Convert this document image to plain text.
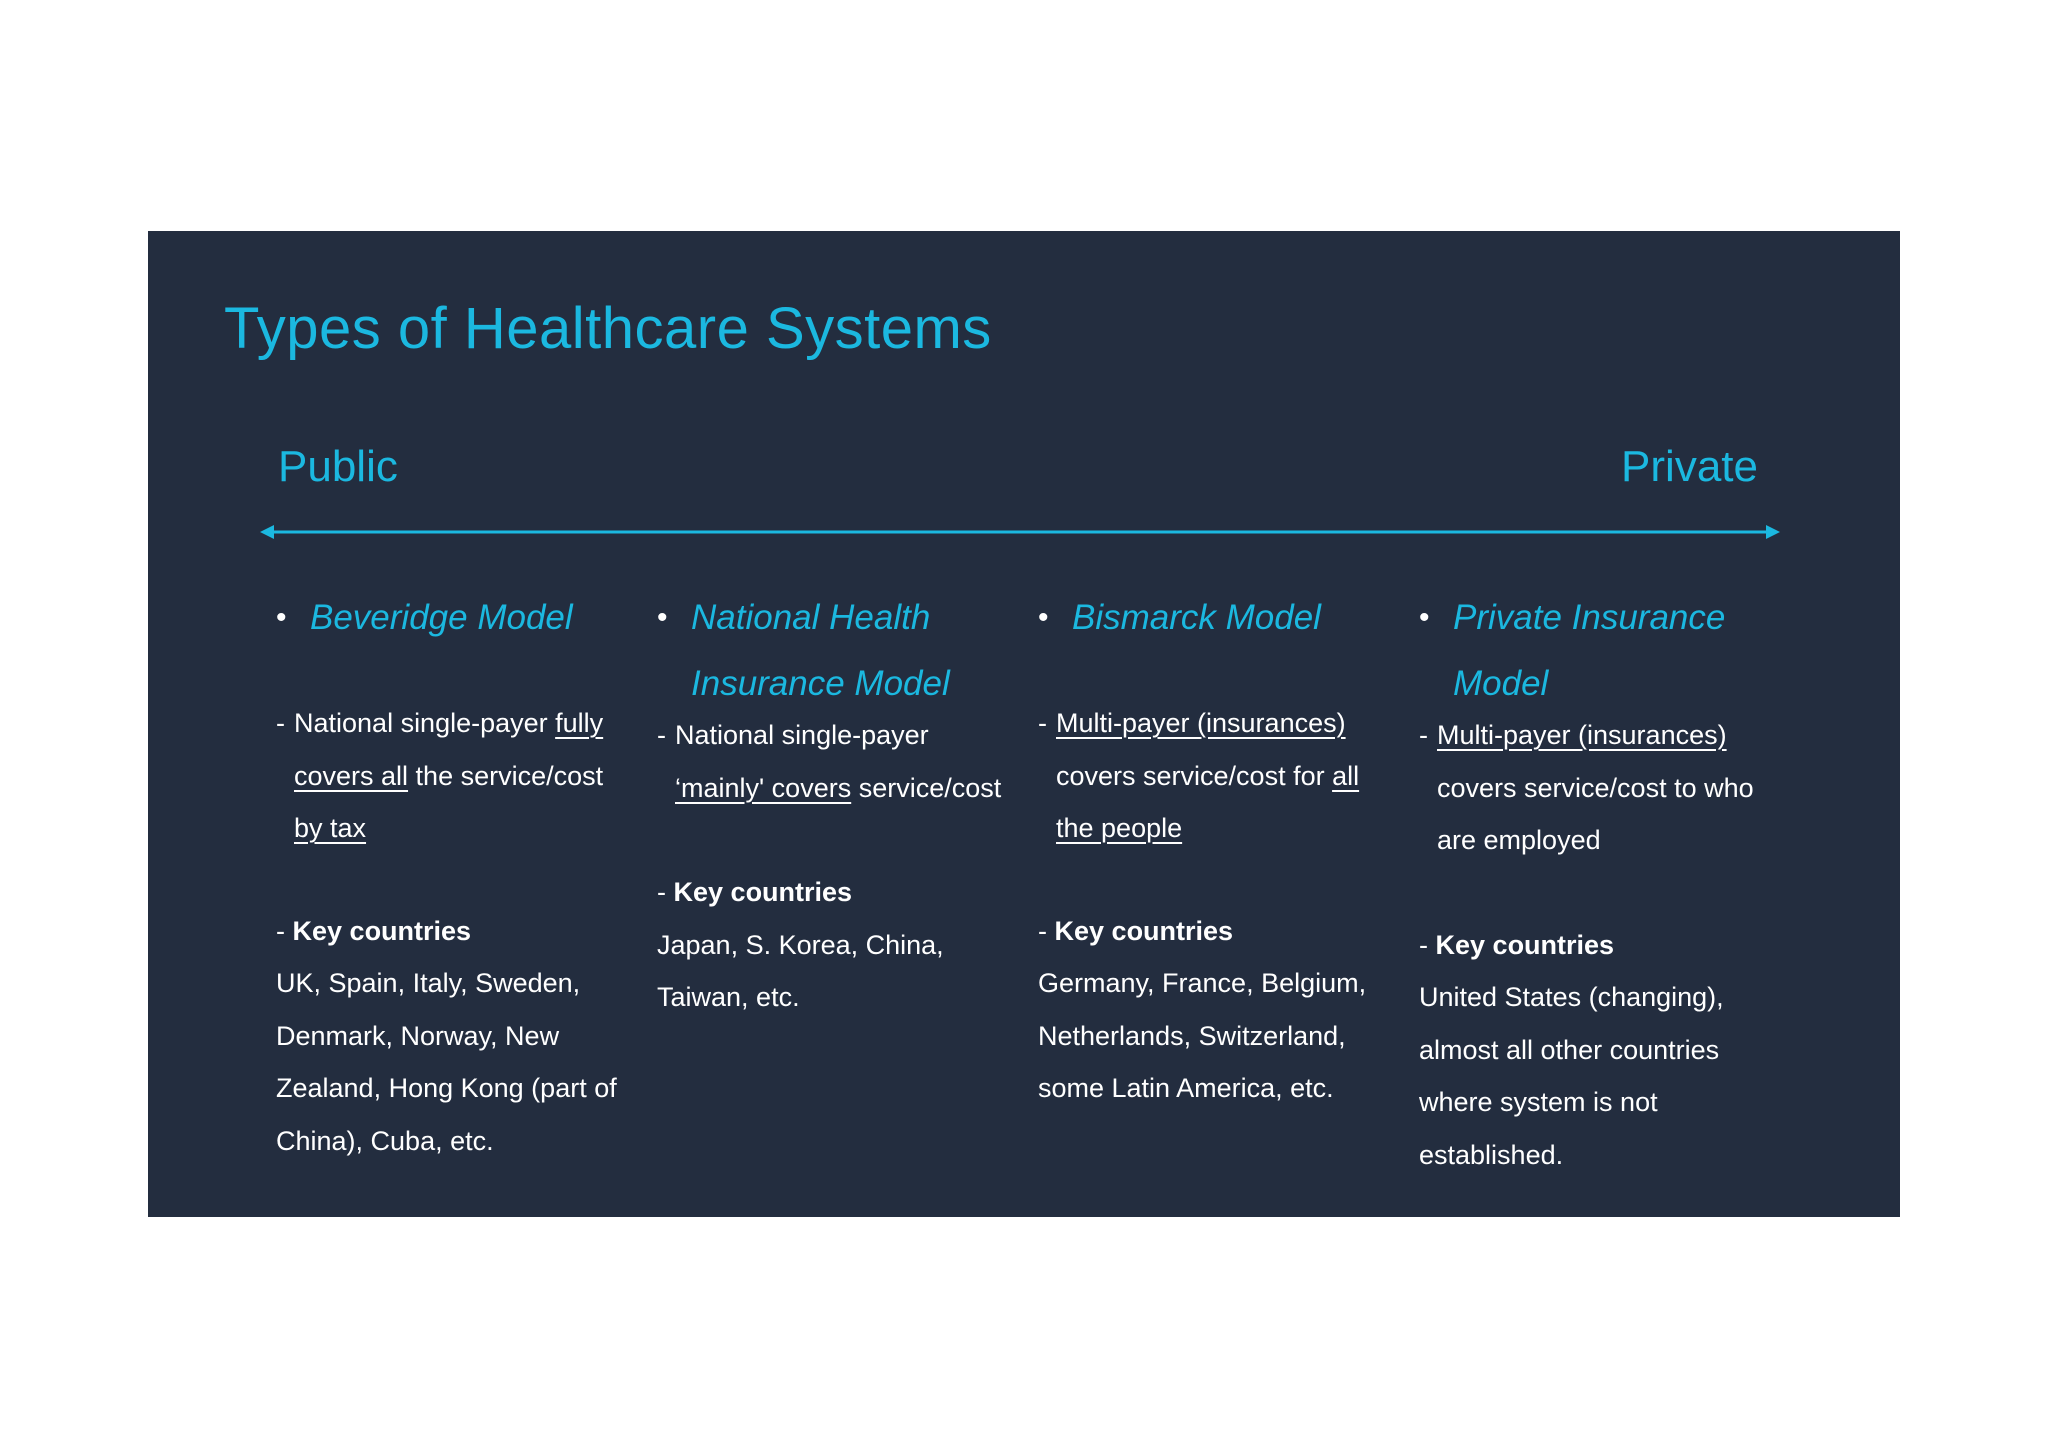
Types of Healthcare Systems
Public	Private
• Beveridge Model
- National single-payer fully covers all the service/cost by tax
- Key countries
UK, Spain, Italy, Sweden, Denmark, Norway, New Zealand, Hong Kong (part of China), Cuba, etc.
• National Health Insurance Model
- National single-payer ‘mainly' covers service/cost
- Key countries
Japan, S. Korea, China, Taiwan, etc.
• Bismarck Model
- Multi-payer (insurances) covers service/cost for all the people
- Key countries
Germany, France, Belgium, Netherlands, Switzerland, some Latin America, etc.
• Private Insurance Model
- Multi-payer (insurances) covers service/cost to who are employed
- Key countries
United States (changing), almost all other countries where system is not established.
